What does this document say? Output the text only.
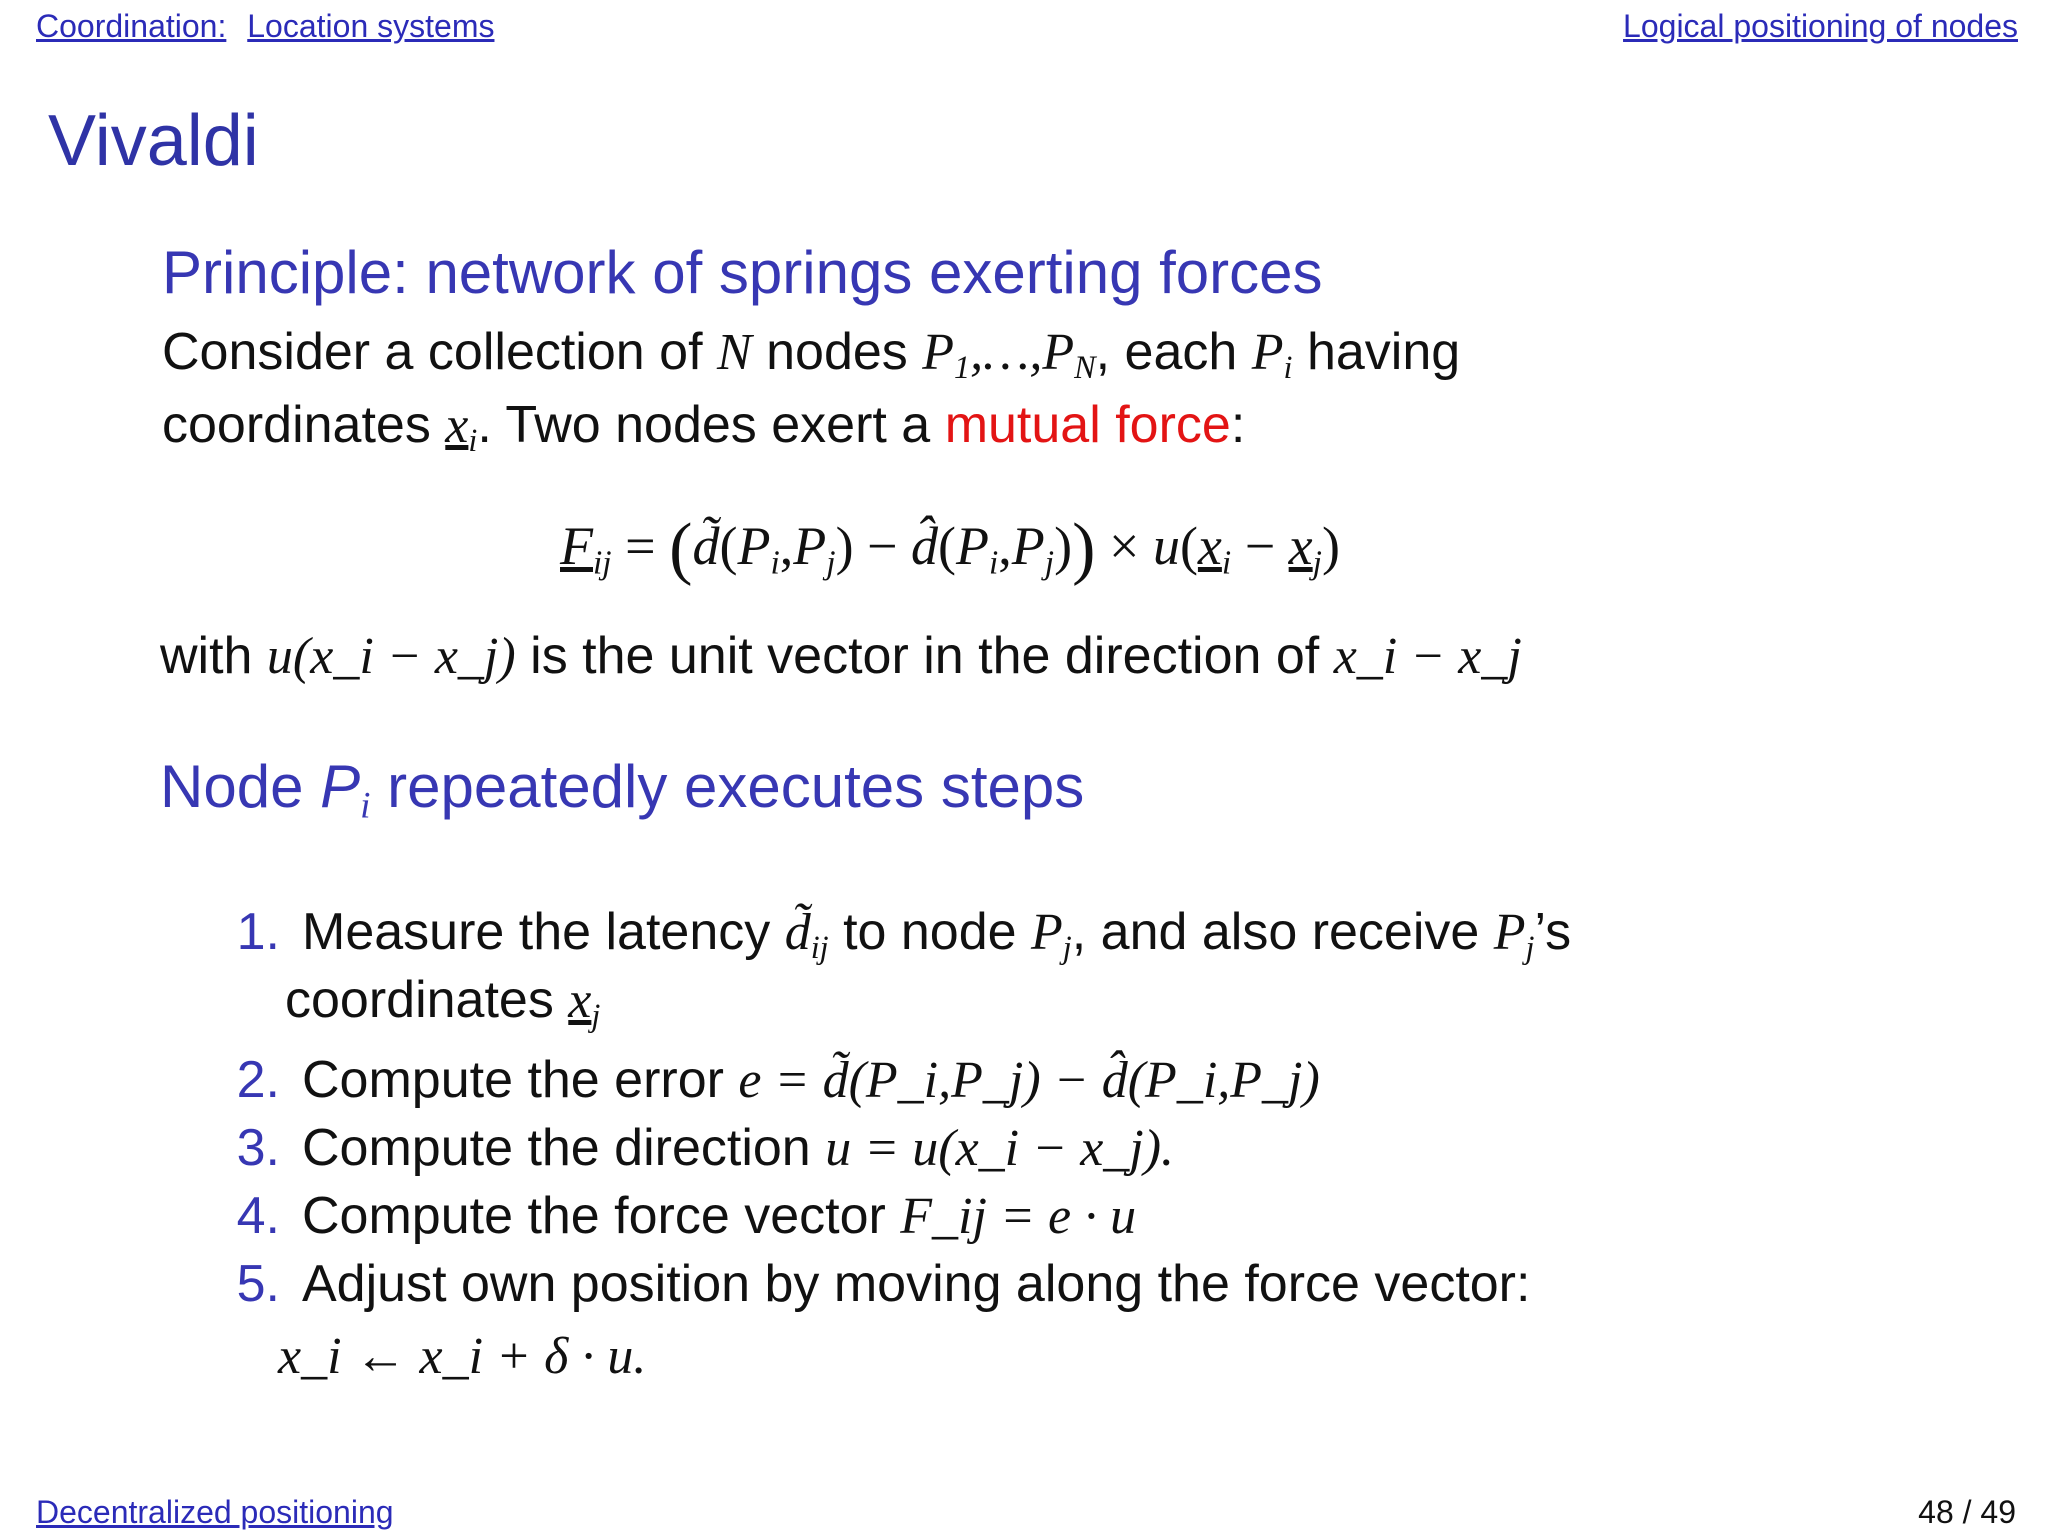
Coordination: Location systems	Logical positioning of nodes
Vivaldi
Principle: network of springs exerting forces
Consider a collection of N nodes $P_1,\dots,P_N$, each $P_i$ having
coordinates $x_i$. Two nodes exert a mutual force:
$F_{ij}$ = ($d̃(P_i,P_j)$ − $d̂(P_i,P_j)) \times u(x_i - x_j)$
with u(x_i − x_j) is the unit vector in the direction of x_i − x_j
Node $P_i$ repeatedly executes steps
1. Measure the latency $d̃_{ij}$ to node $P_j$, and also receive $P_j’s$
coordinates $x_j$
2. Compute the error e = d̃(P_i,P_j) − d̂(P_i,P_j)
3. Compute the direction u = u(x_i − x_j).
4. Compute the force vector F_ij = e · u
5. Adjust own position by moving along the force vector:
x_i ← x_i + δ · u.
Decentralized positioning	48 / 49
